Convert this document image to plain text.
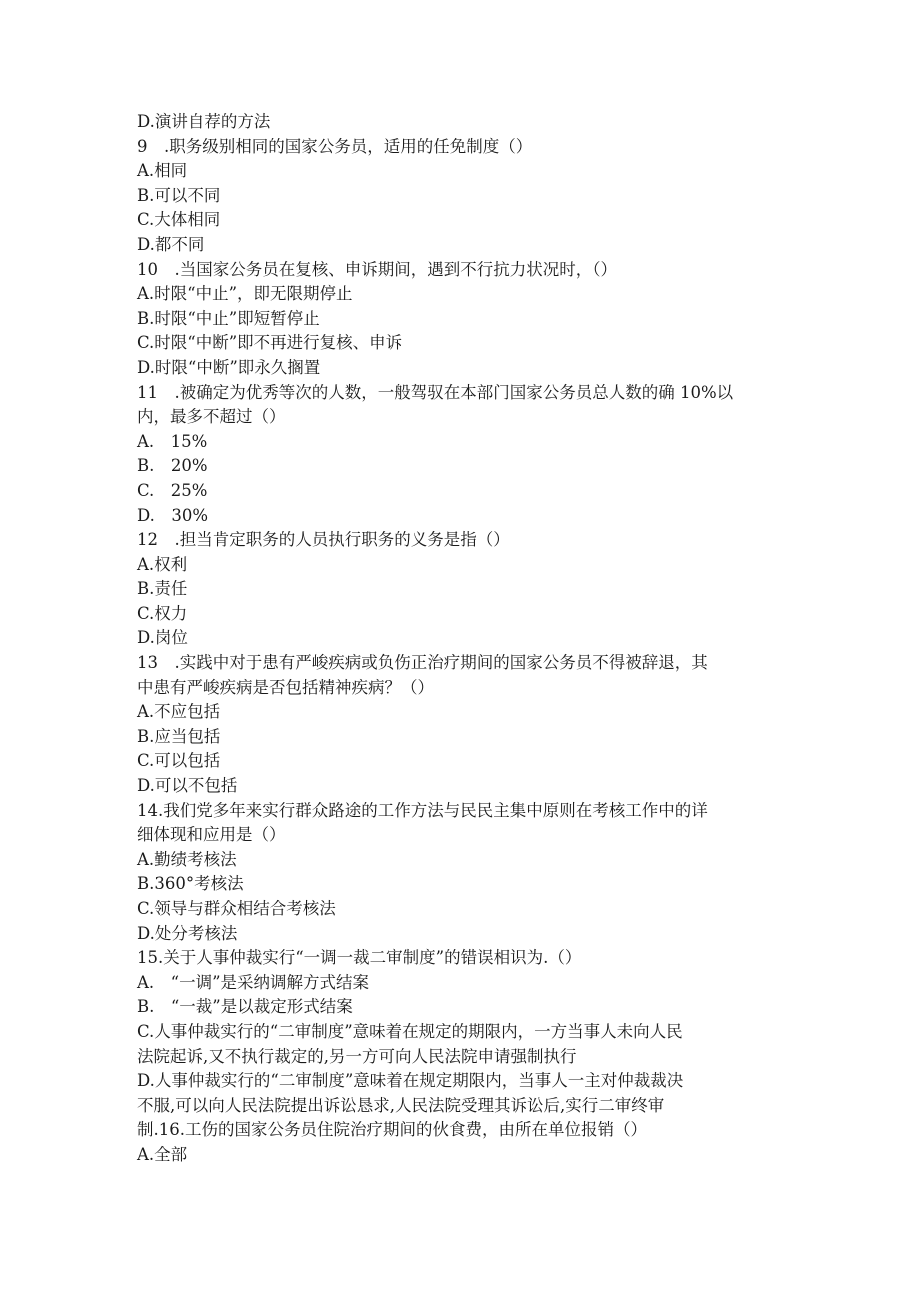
D.演讲自荐的方法
9　.职务级别相同的国家公务员，适用的任免制度（）
A.相同
B.可以不同
C.大体相同
D.都不同
10　.当国家公务员在复核、申诉期间，遇到不行抗力状况时，（）
A.时限“中止”，即无限期停止
B.时限“中止”即短暂停止
C.时限“中断”即不再进行复核、申诉
D.时限“中断”即永久搁置
11　.被确定为优秀等次的人数，一般驾驭在本部门国家公务员总人数的确 10%以
内，最多不超过（）
A.　15%
B.　20%
C.　25%
D.　30%
12　.担当肯定职务的人员执行职务的义务是指（）
A.权利
B.责任
C.权力
D.岗位
13　.实践中对于患有严峻疾病或负伤正治疗期间的国家公务员不得被辞退，其
中患有严峻疾病是否包括精神疾病？（）
A.不应包括
B.应当包括
C.可以包括
D.可以不包括
14.我们党多年来实行群众路途的工作方法与民民主集中原则在考核工作中的详
细体现和应用是（）
A.勤绩考核法
B.360°考核法
C.领导与群众相结合考核法
D.处分考核法
15.关于人事仲裁实行“一调一裁二审制度”的错误相识为.（）
A.　“一调”是采纳调解方式结案
B.　“一裁”是以裁定形式结案
C.人事仲裁实行的“二审制度”意味着在规定的期限内，一方当事人未向人民
法院起诉,又不执行裁定的,另一方可向人民法院申请强制执行
D.人事仲裁实行的“二审制度”意味着在规定期限内，当事人一主对仲裁裁决
不服,可以向人民法院提出诉讼恳求,人民法院受理其诉讼后,实行二审终审
制.16.工伤的国家公务员住院治疗期间的伙食费，由所在单位报销（）
A.全部
